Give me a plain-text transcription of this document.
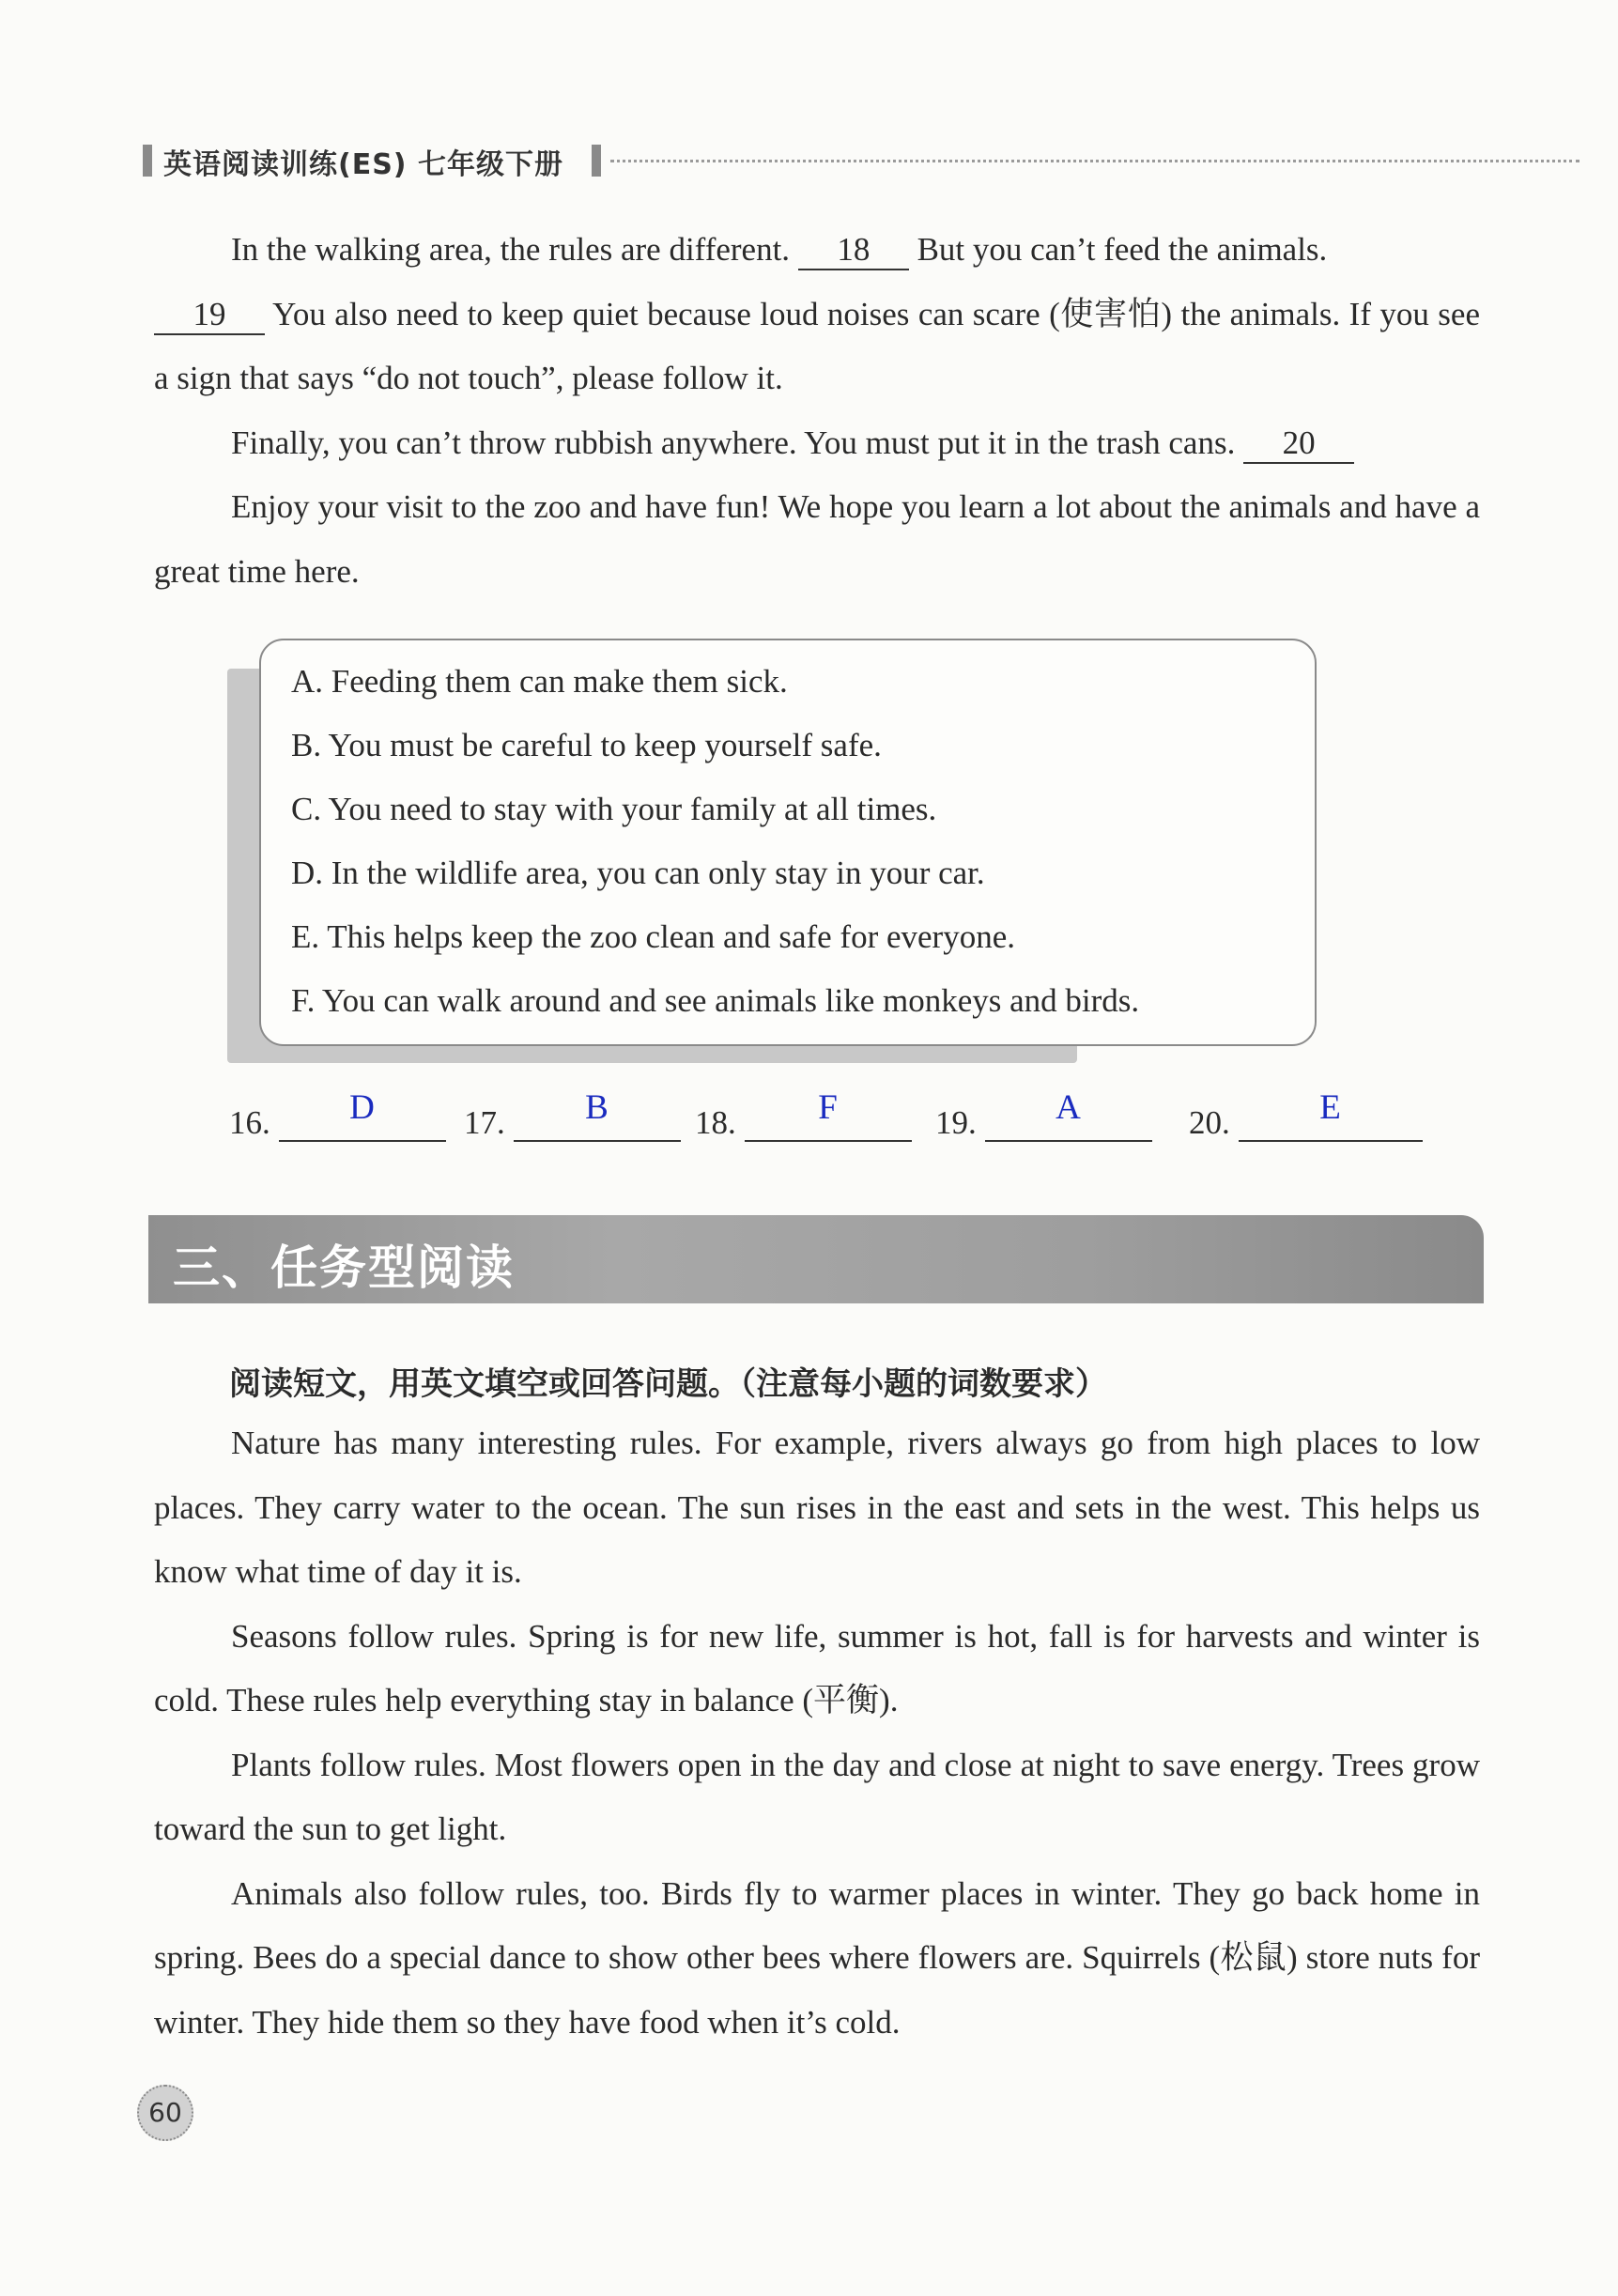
英语阅读训练(ES) 七年级下册

In the walking area, the rules are different. 18 But you can’t feed the animals.

19 You also need to keep quiet because loud noises can scare (使害怕) the animals. If you see a sign that says “do not touch”, please follow it.

Finally, you can’t throw rubbish anywhere. You must put it in the trash cans. 20

Enjoy your visit to the zoo and have fun! We hope you learn a lot about the animals and have a great time here.

A. Feeding them can make them sick.
B. You must be careful to keep yourself safe.
C. You need to stay with your family at all times.
D. In the wildlife area, you can only stay in your car.
E. This helps keep the zoo clean and safe for everyone.
F. You can walk around and see animals like monkeys and birds.
16.	D	17.	B	18.	F	19.	A	20.	E
三、任务型阅读
阅读短文，用英文填空或回答问题。（注意每小题的词数要求）

Nature has many interesting rules. For example, rivers always go from high places to low places. They carry water to the ocean. The sun rises in the east and sets in the west. This helps us know what time of day it is.

Seasons follow rules. Spring is for new life, summer is hot, fall is for harvests and winter is cold. These rules help everything stay in balance (平衡).

Plants follow rules. Most flowers open in the day and close at night to save energy. Trees grow toward the sun to get light.

Animals also follow rules, too. Birds fly to warmer places in winter. They go back home in spring. Bees do a special dance to show other bees where flowers are. Squirrels (松鼠) store nuts for winter. They hide them so they have food when it’s cold.

60
